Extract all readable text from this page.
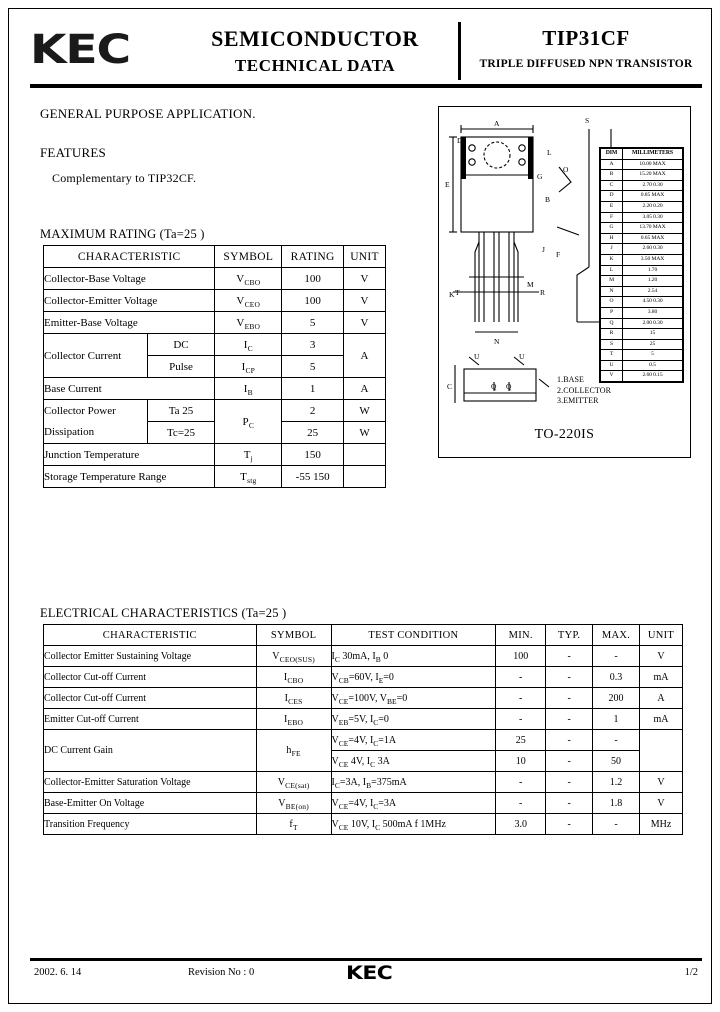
KEC	SEMICONDUCTOR
TECHNICAL DATA
TIP31CF
TRIPLE DIFFUSED NPN TRANSISTOR
GENERAL PURPOSE APPLICATION.
FEATURES
Complementary to TIP32CF.
MAXIMUM RATING (Ta=25 )
CHARACTERISTIC		SYMBOL	RATING	UNIT
Collector-Base Voltage		$V_{CBO}$	100	V
Collector-Emitter Voltage		$V_{CEO}$	100	V
Emitter-Base Voltage		$V_{EBO}$	5	V
Collector Current	DC	$I_C$	3	A
	Pulse	$I_{CP}$	5	
Base Current		$I_B$	1	A
Collector Power	Ta 25	$P_C$	2	W
Dissipation	Tc=25		25	W
Junction Temperature		$T_j$	150	
Storage Temperature Range		$T_{stg}$	-55 150	
A
E
D
G
L
B
K
M
T	R
N
J
F
S
O
C
U	U
Q Q
DIM	MILLIMETERS
A	10.00 MAX
B	15.20 MAX
C	2.70 0.30
D	0.85 MAX
E	2.20 0.20
F	3.05 0.30
G	13.70 MAX
H	0.65 MAX
J	2.60 0.30
K	3.50 MAX
L	1.70
M	1.20
N	2.54
O	4.50 0.30
P	3.80
Q	2.00 0.30
R	15
S	25
T	5
U	0.5
V	2.60 0.15
1.BASE
2.COLLECTOR
3.EMITTER
TO-220IS
ELECTRICAL CHARACTERISTICS (Ta=25 )
CHARACTERISTIC	SYMBOL	TEST CONDITION	MIN.	TYP.	MAX.	UNIT
Collector Emitter Sustaining Voltage	$V_{CEO(SUS)}$	$I_C$ 30mA, $I_B$ 0	100	-	-	V
Collector Cut-off Current	$I_{CBO}$	$V_{CB}=60V$, $I_E=0$	-	-	0.3	mA
Collector Cut-off Current	$I_{CES}$	$V_{CE}=100V$, $V_{BE}=0$	-	-	200	A
Emitter Cut-off Current	$I_{EBO}$	$V_{EB}=5V$, $I_C=0$	-	-	1	mA
DC Current Gain	$h_{FE}$	$V_{CE}=4V$, $I_C=1A$	25	-	-	
		$V_{CE}$ 4V, $I_C$ 3A	10	-	50	
Collector-Emitter Saturation Voltage	$V_{CE(sat)}$	$I_C=3A$, $I_B=375mA$	-	-	1.2	V
Base-Emitter On Voltage	$V_{BE(on)}$	$V_{CE}=4V$, $I_C=3A$	-	-	1.8	V
Transition Frequency	$f_T$	$V_{CE}$ 10V, $I_C$ 500mA f 1MHz	3.0	-	-	MHz
2002. 6. 14	Revision No : 0	KEC	1/2
